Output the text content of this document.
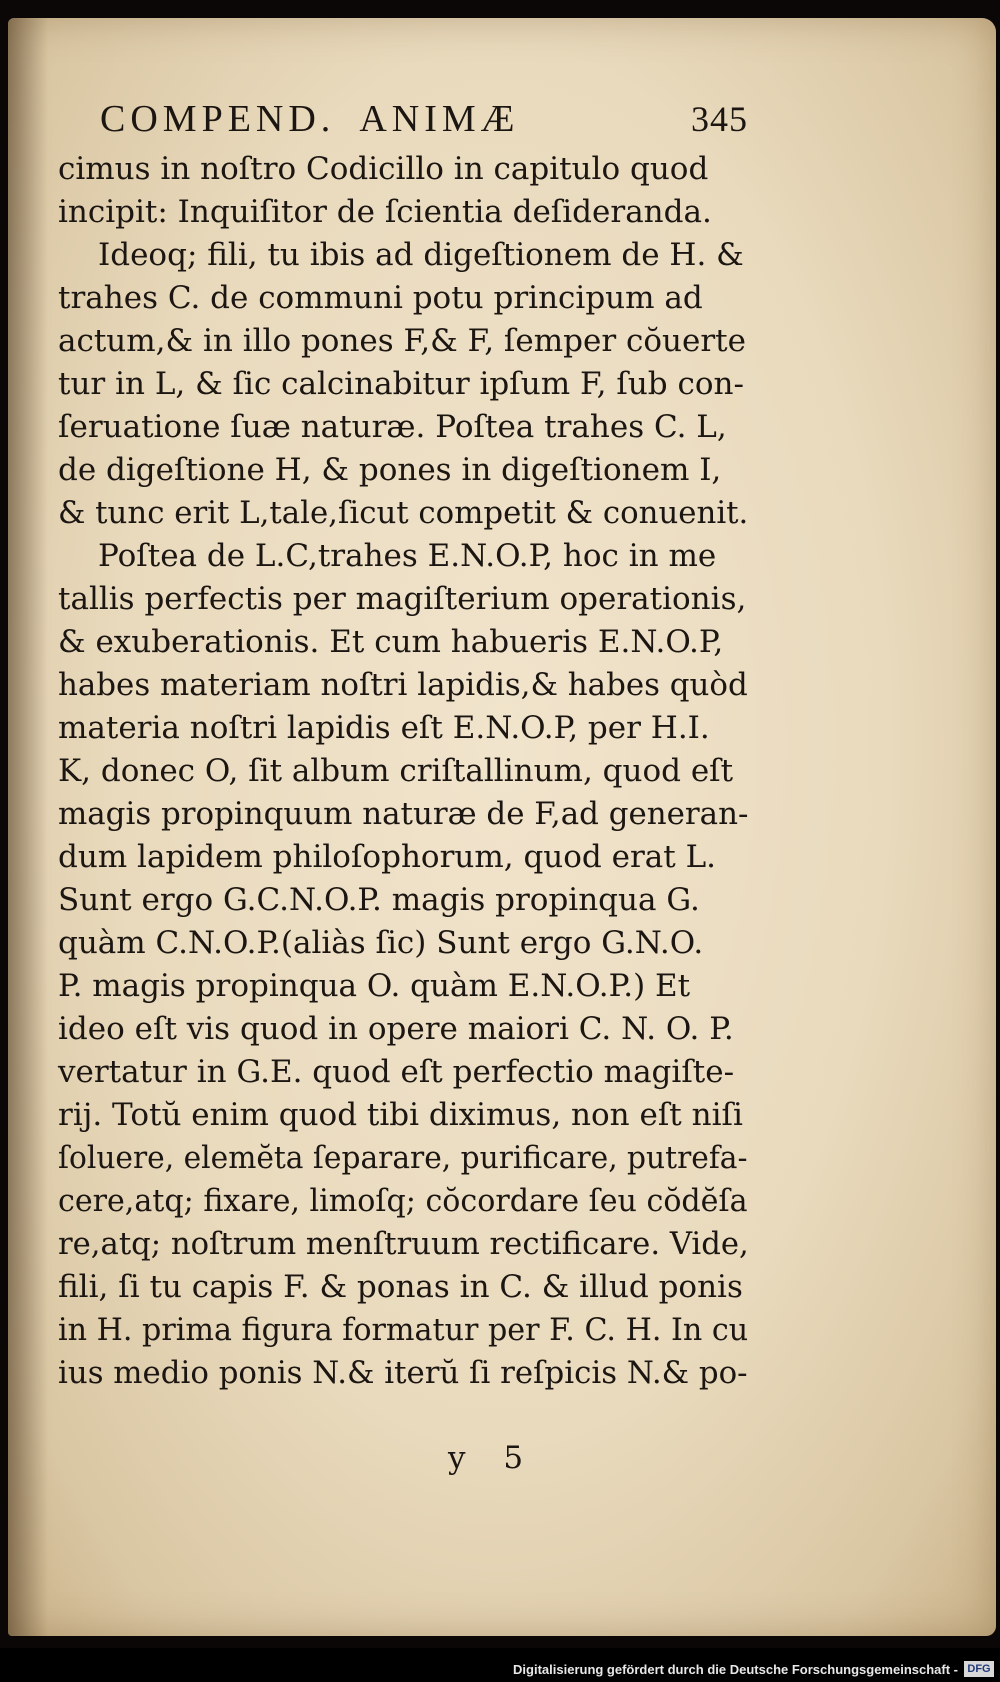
COMPEND. ANIMÆ	345
cimus in noſtro Codicillo in capitulo quod
incipit: Inquiſitor de ſcientia deſideranda.
Ideoq; fili, tu ibis ad digeſtionem de H. &
trahes C. de communi potu principum ad
actum,& in illo pones F,& F, ſemper cŏuerte
tur in L, & ſic calcinabitur ipſum F, ſub con-
ſeruatione ſuæ naturæ. Poſtea trahes C. L,
de digeſtione H, & pones in digeſtionem I,
& tunc erit L,tale,ſicut competit & conuenit.
Poſtea de L.C,trahes E.N.O.P, hoc in me
tallis perfectis per magiſterium operationis,
& exuberationis. Et cum habueris E.N.O.P,
habes materiam noſtri lapidis,& habes quòd
materia noſtri lapidis eſt E.N.O.P, per H.I.
K, donec O, ſit album criſtallinum, quod eſt
magis propinquum naturæ de F,ad generan-
dum lapidem philoſophorum, quod erat L.
Sunt ergo G.C.N.O.P. magis propinqua G.
quàm C.N.O.P.(aliàs ſic) Sunt ergo G.N.O.
P. magis propinqua O. quàm E.N.O.P.) Et
ideo eſt vis quod in opere maiori C. N. O. P.
vertatur in G.E. quod eſt perfectio magiſte-
rij. Totŭ enim quod tibi diximus, non eſt niſi
ſoluere, elemĕta ſeparare, purificare, putrefa-
cere,atq; fixare, limoſq; cŏcordare ſeu cŏdĕſa
re,atq; noſtrum menſtruum rectificare. Vide,
fili, ſi tu capis F. & ponas in C. & illud ponis
in H. prima figura formatur per F. C. H. In cu
ius medio ponis N.& iterŭ ſi reſpicis N.& po-
y 5
Digitalisierung gefördert durch die Deutsche Forschungsgemeinschaft - DFG
